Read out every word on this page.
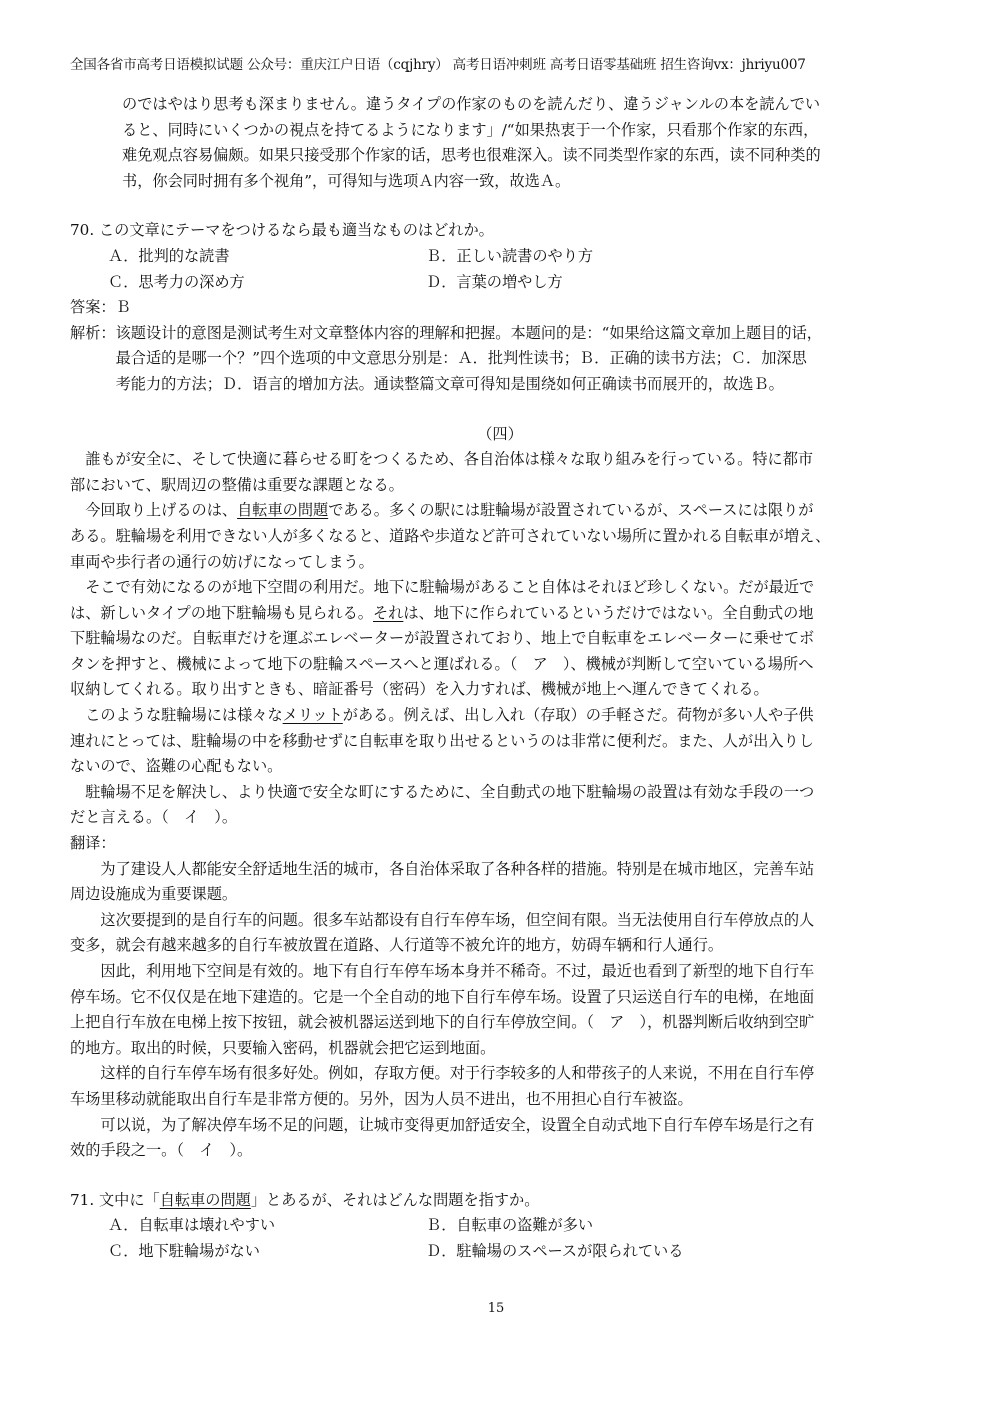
全国各省市高考日语模拟试题 公众号：重庆江户日语（cqjhry） 高考日语冲刺班 高考日语零基础班 招生咨询vx：jhriyu007

のではやはり思考も深まりません。違うタイプの作家のものを読んだり、違うジャンルの本を読んでい

ると、同時にいくつかの視点を持てるようになります」/“如果热衷于一个作家，只看那个作家的东西，

难免观点容易偏颇。如果只接受那个作家的话，思考也很难深入。读不同类型作家的东西，读不同种类的

书，你会同时拥有多个视角”，可得知与选项Ａ内容一致，故选Ａ。

70. この文章にテーマをつけるなら最も適当なものはどれか。

Ａ．批判的な読書	Ｂ．正しい読書のやり方
Ｃ．思考力の深め方	Ｄ．言葉の増やし方

答案：Ｂ

解析： 该题设计的意图是测试考生对文章整体内容的理解和把握。本题问的是：“如果给这篇文章加上题目的话，

最合适的是哪一个？”四个选项的中文意思分别是：Ａ．批判性读书；Ｂ．正确的读书方法；Ｃ．加深思

考能力的方法；Ｄ．语言的增加方法。通读整篇文章可得知是围绕如何正确读书而展开的，故选Ｂ。

（四）

誰もが安全に、そして快適に暮らせる町をつくるため、各自治体は様々な取り組みを行っている。特に都市

部において、駅周辺の整備は重要な課題となる。

今回取り上げるのは、自転車の問題である。多くの駅には駐輪場が設置されているが、スペースには限りが

ある。駐輪場を利用できない人が多くなると、道路や歩道など許可されていない場所に置かれる自転車が増え、

車両や歩行者の通行の妨げになってしまう。

そこで有効になるのが地下空間の利用だ。地下に駐輪場があること自体はそれほど珍しくない。だが最近で

は、新しいタイプの地下駐輪場も見られる。それは、地下に作られているというだけではない。全自動式の地

下駐輪場なのだ。自転車だけを運ぶエレベーターが設置されており、地上で自転車をエレベーターに乗せてボ

タンを押すと、機械によって地下の駐輪スペースへと運ばれる。（　ア　）、機械が判断して空いている場所へ

収納してくれる。取り出すときも、暗証番号（密码）を入力すれば、機械が地上へ運んできてくれる。

このような駐輪場には様々なメリットがある。例えば、出し入れ（存取）の手軽さだ。荷物が多い人や子供

連れにとっては、駐輪場の中を移動せずに自転車を取り出せるというのは非常に便利だ。また、人が出入りし

ないので、盗難の心配もない。

駐輪場不足を解決し、より快適で安全な町にするために、全自動式の地下駐輪場の設置は有効な手段の一つ

だと言える。（　イ　）。

翻译：

为了建设人人都能安全舒适地生活的城市，各自治体采取了各种各样的措施。特别是在城市地区，完善车站

周边设施成为重要课题。

这次要提到的是自行车的问题。很多车站都设有自行车停车场，但空间有限。当无法使用自行车停放点的人

变多，就会有越来越多的自行车被放置在道路、人行道等不被允许的地方，妨碍车辆和行人通行。

因此，利用地下空间是有效的。地下有自行车停车场本身并不稀奇。不过，最近也看到了新型的地下自行车

停车场。它不仅仅是在地下建造的。它是一个全自动的地下自行车停车场。设置了只运送自行车的电梯，在地面

上把自行车放在电梯上按下按钮，就会被机器运送到地下的自行车停放空间。（　ア　），机器判断后收纳到空旷

的地方。取出的时候，只要输入密码，机器就会把它运到地面。

这样的自行车停车场有很多好处。例如，存取方便。对于行李较多的人和带孩子的人来说，不用在自行车停

车场里移动就能取出自行车是非常方便的。另外，因为人员不进出，也不用担心自行车被盗。

可以说，为了解决停车场不足的问题，让城市变得更加舒适安全，设置全自动式地下自行车停车场是行之有

效的手段之一。（　イ　）。

71. 文中に「自転車の問題」とあるが、それはどんな問題を指すか。

Ａ．自転車は壊れやすい	Ｂ．自転車の盗難が多い
Ｃ．地下駐輪場がない	Ｄ．駐輪場のスペースが限られている
15
